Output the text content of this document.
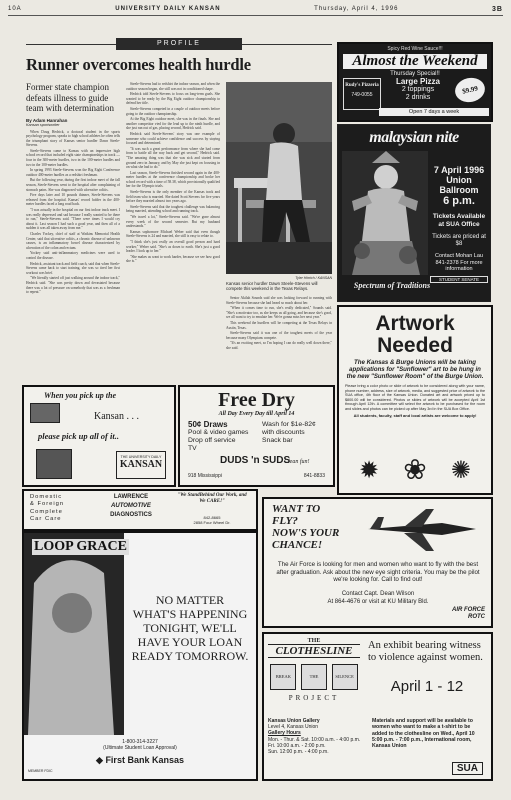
10A	UNIVERSITY DAILY KANSAN	Thursday, April 4, 1996	3B
PROFILE
Runner overcomes health hurdle
Former state champion defeats illness to guide team with determination
By Adam Hanrahan
Kansan sportswriter

When Doug Hedrick, a doctoral student in the sports psychology program, speaks to high school athletes he often tells the triumphant story of Kansas senior hurdler Dawn Steele-Stevens.

Steele-Stevens came to Kansas with an impressive high school record that included eight state championships in track — four in the 300-meter hurdles, two in the 100-meter hurdles and two in the 100-meter hurdles.

In spring 1993 Steele-Stevens won the Big Eight Conference outdoor 400-meter hurdles as a redshirt freshman.

But the following year, during the first indoor meet of the fall season, Steele-Stevens went to the hospital after complaining of stomach pains. She was diagnosed with ulcerative colitis.

Five days later and 10 pounds thinner, Steele-Stevens was released from the hospital. Kansas' record holder in the 400-meter hurdles faced a long road back.

"I was actually in the hospital on our first indoor track meet. I was really depressed and sad because I really wanted to be there to run," Steele-Stevens said. "There were times I would cry about it. Last season I had such a good year, and then all of a sudden it was all taken away from me."

Charles Yockey, chief of staff at Watkins Memorial Health Center, said that ulcerative colitis, a chronic disease of unknown causes, is an inflammatory bowel disease characterized by ulceration of the colon and rectum.

Yockey said anti-inflammatory medicines were used to control the disease.

Hedrick, assistant track and field coach, said that when Steele-Stevens came back to start training, she was so tired her first workout was brief.

"We literally started off just walking around the indoor track," Hedrick said. "She was pretty down and devastated because there was a lot of pressure on somebody that was as a freshman to repeat."

Steele-Stevens had to redshirt the indoor season, and when the outdoor season began, she still was not in conditioned shape.

Hedrick told Steele-Stevens to focus on long-term goals. She wanted to be ready by the Big Eight outdoor championship to defend her title.

Steele-Stevens competed in a couple of outdoor meets before going to the outdoor championship.

At the Big Eight outdoor meet, she was in the finals. She and another competitor vied for the lead up to the ninth hurdle, and she just ran out of gas, placing second, Hedrick said.

Hedrick said Steele-Stevens' story was one example of someone who could achieve confidence and success by staying focused and determined.

"It was such a great performance from where she had come from to battle all the way back and get second," Hedrick said. "The amazing thing was that she was sick and started from ground zero in January, and by May she just kept on focusing in on what she had to do."

Last season, Steele-Stevens finished second again in the 400-meter hurdles at the conference championship and broke her school record with a time of 58.38, which provisionally qualified her for the Olympic trials.

Steele-Stevens is the only member of the Kansas track and field team who is married. She dated Scott Stevens for five years before they married almost two years ago.

Steele-Stevens said that the toughest challenge was balancing being married, attending school and running track.

"We travel a lot," Steele-Stevens said. "We're gone almost every week of the second semester. But my husband understands."

Kansas sophomore Michael Weber said that even though Steele-Stevens is 24 and married, she still is easy to relate to.

"I think she's just really an overall good person and hard worker," Weber said. "She's as down to earth. She's just a good leader. I look up to her."

"She makes us want to work harder, because we see how good she is."

Tyler Hinrich / KANSAN
Kansas senior hurdler Dawn Steele-Stevens will compete this weekend in the Texas Relays.

Senior Akilah Sounds said she was looking forward to running with Steele-Stevens because she had heard so much about her.

"When it comes time to run, she's really dedicated," Sounds said. "She's a motivator too, as she keeps us all going, and because she's good, we all want to try to emulate her. We're gonna miss her next year."

This weekend the hurdlers will be competing at the Texas Relays in Austin, Texas.

Steele-Stevens said it was one of the toughest meets of the year because many Olympians compete.

"It's an exciting meet, so I'm hoping I can do really well down there," she said.

Spicy Red Wine Sauce!!!
Almost the Weekend
Thursday Special!!
Rudy's Pizzeria
749-0055
Large Pizza
2 toppings
2 drinks
$9.99
Open 7 days a week
malaysian nite
7 April 1996
Union Ballroom
6 p.m.
Tickets Available at SUA Office
Tickets are priced at $8
Contact Mohan Lau 841-2378 For more information
STUDENT SENATE
Spectrum of Traditions
Artwork
Needed
The Kansas & Burge Unions will be taking applications for "Sunflower" art to be hung in the new "Sunflower Room" of the Burge Union.
Please bring a color photo or slide of artwork to be considered along with your name, phone number, address, size of artwork, media, and suggested price of artwork to the SUA office, 4th floor of the Kansas Union. Donated art and artwork priced up to $800.00 will be considered. Photos or slides of artwork will be accepted April 1st through April 12th. A committee will select the artwork to be purchased for the room and slides and photos can be picked up after May 3rd in the SUA Box Office.
All students, faculty, staff and local artists are welcome to apply!
✹ ❀ ✺
When you pick up the
Kansan . . .
please pick up all of it..
THE UNIVERSITY DAILY
KANSAN
Free Dry
All Day Every Day till April 14
50¢ Draws
Pool & video games
Drop off service
TV
Wash for $1e-82¢ with discounts
Snack bar
DUDS 'n SUDS
Clean fun!
918 Mississippi	841-8833
WANT TO
FLY?
NOW'S YOUR
CHANCE!
The Air Force is looking for men and women who want to fly with the best after graduation. Ask about the new eye sight criteria. You may be the pilot we're looking for. Call to find out!
Contact Capt. Dean Wilson
At 864-4676 or visit at KU Military Bld.
AIR FORCE
ROTC
Domestic
& Foreign
Complete
Car Care
LAWRENCE
AUTOMOTIVE
DIAGNOSTICS
"We StandBehind Our Work, and We CARE!"
842-8665
2858 Four Wheel Dr.
LOOP GRACE
NO MATTER
WHAT'S HAPPENING
TONIGHT, WE'LL
HAVE YOUR LOAN
READY TOMORROW.
1-800-314-3227
(Ultimate Student Loan Approval)
◆ First Bank Kansas
MEMBER FDIC
THE
CLOTHESLINE
BREAK	THE	SILENCE
PROJECT
An exhibit bearing witness to violence against women.
April 1 - 12
Kansas Union Gallery
Level 4, Kansas Union
Gallery Hours
Mon. - Thur. & Sat. 10:00 a.m. - 4:00 p.m.
Fri. 10:00 a.m. - 2:00 p.m.
Sun. 12:00 p.m. - 4:00 p.m.
Materials and support will be available to women who want to make a t-shirt to be added to the clothesline on Wed., April 10 5:00 p.m. - 7:00 p.m., International room, Kansas Union
SUA
